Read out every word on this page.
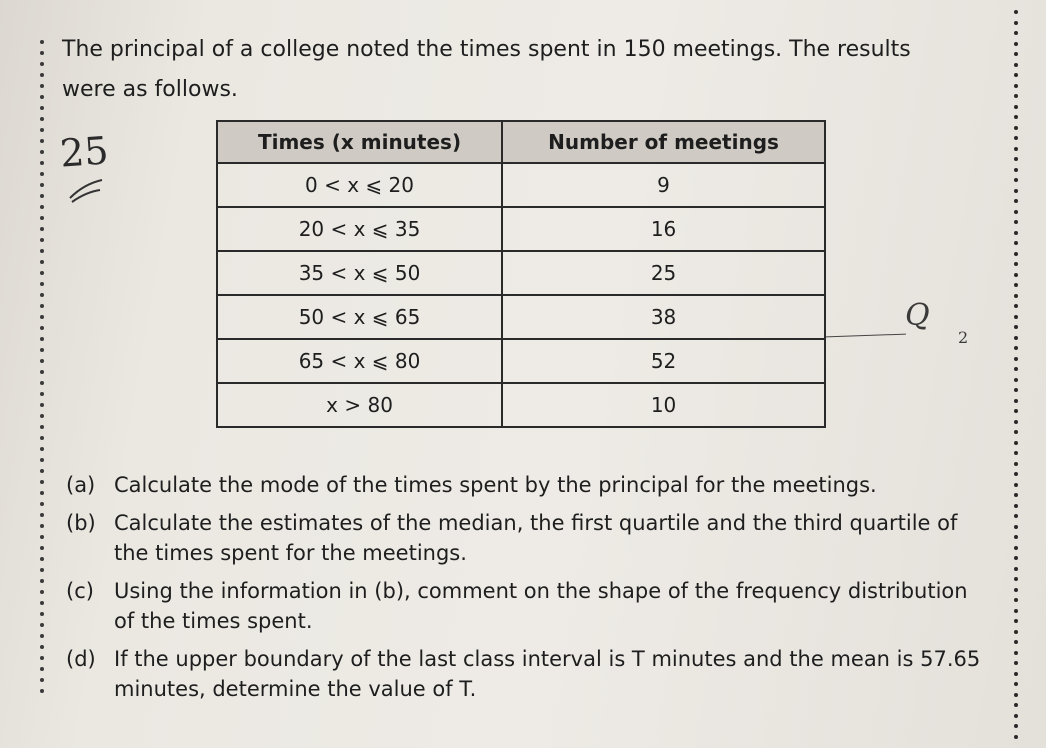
The principal of a college noted the times spent in 150 meetings. The results

were as follows.

25	Times (x minutes)	Number of meetings
0 < x ⩽ 20	9
20 < x ⩽ 35	16
35 < x ⩽ 50	25
50 < x ⩽ 65	38
65 < x ⩽ 80	52
x > 80	10
Q
2
(a) Calculate the mode of the times spent by the principal for the meetings.
(b) Calculate the estimates of the median, the first quartile and the third quartile of the times spent for the meetings.
(c) Using the information in (b), comment on the shape of the frequency distribution of the times spent.
(d) If the upper boundary of the last class interval is T minutes and the mean is 57.65 minutes, determine the value of T.
